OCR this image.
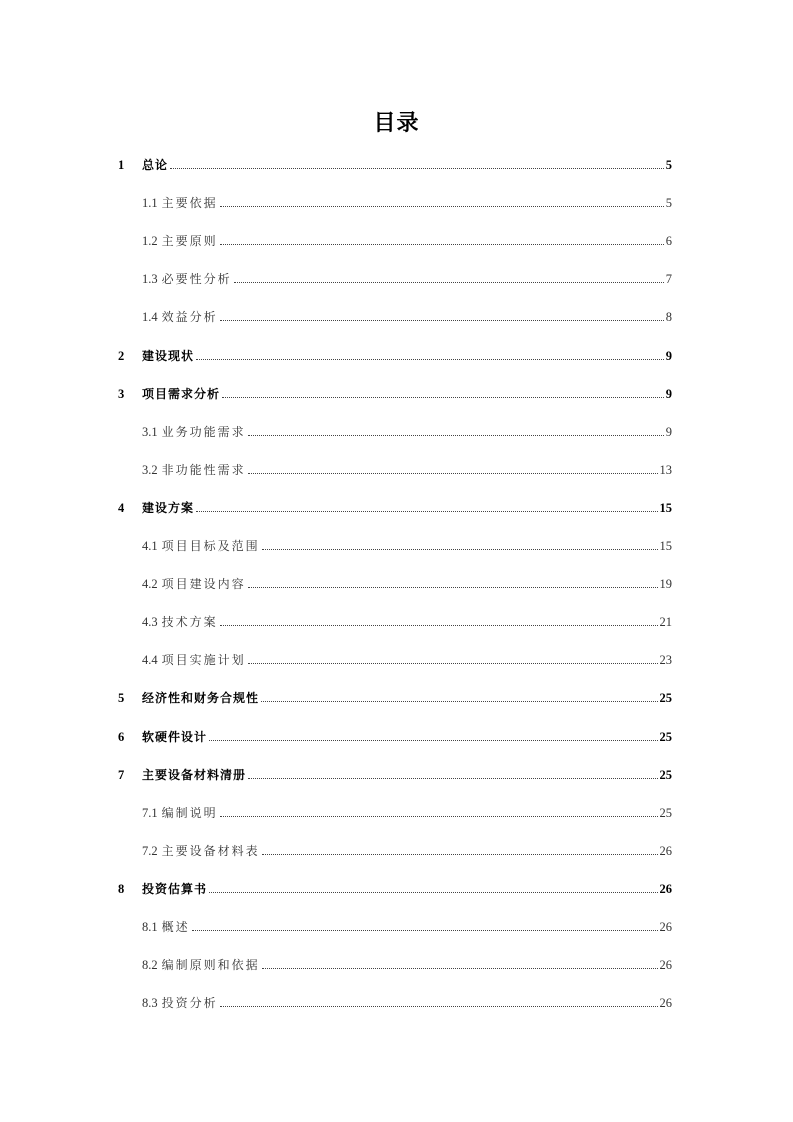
目录
1	总论	5
1.1 主要依据	5
1.2 主要原则	6
1.3 必要性分析	7
1.4 效益分析	8
2	建设现状	9
3	项目需求分析	9
3.1 业务功能需求	9
3.2 非功能性需求	13
4	建设方案	15
4.1 项目目标及范围	15
4.2 项目建设内容	19
4.3 技术方案	21
4.4 项目实施计划	23
5	经济性和财务合规性	25
6	软硬件设计	25
7	主要设备材料清册	25
7.1 编制说明	25
7.2 主要设备材料表	26
8	投资估算书	26
8.1 概述	26
8.2 编制原则和依据	26
8.3 投资分析	26
